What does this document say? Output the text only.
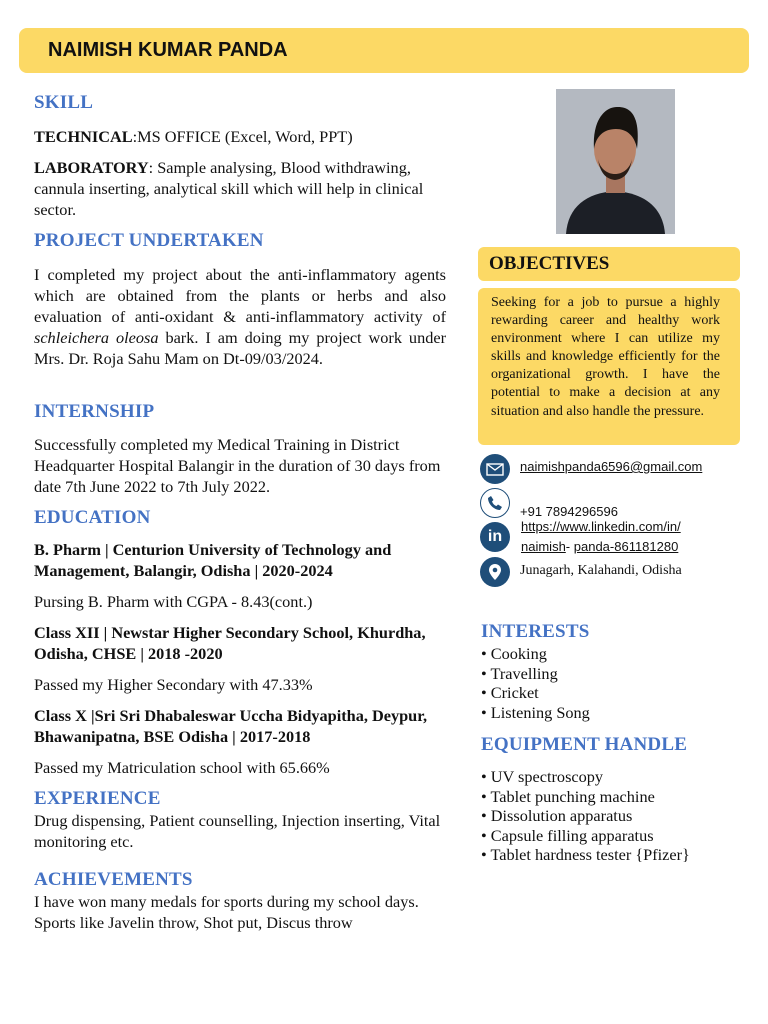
NAIMISH KUMAR PANDA
SKILL
TECHNICAL:MS OFFICE (Excel, Word, PPT)
LABORATORY: Sample analysing, Blood withdrawing, cannula inserting, analytical skill which will help in clinical sector.
PROJECT UNDERTAKEN
I completed my project about the anti-inflammatory agents which are obtained from the plants or herbs and also evaluation of anti-oxidant & anti-inflammatory activity of schleichera oleosa bark. I am doing my project work under Mrs. Dr. Roja Sahu Mam on Dt-09/03/2024.
INTERNSHIP
Successfully completed my Medical Training in District Headquarter Hospital Balangir in the duration of 30 days from date 7th June 2022 to 7th July 2022.
EDUCATION
B. Pharm | Centurion University of Technology and Management, Balangir, Odisha | 2020-2024
Pursing B. Pharm with CGPA - 8.43(cont.)
Class XII | Newstar Higher Secondary School, Khurdha, Odisha, CHSE | 2018 -2020
Passed my Higher Secondary with 47.33%
Class X |Sri Sri Dhabaleswar Uccha Bidyapitha, Deypur, Bhawanipatna, BSE Odisha | 2017-2018
Passed my Matriculation school with 65.66%
EXPERIENCE
Drug dispensing, Patient counselling, Injection inserting, Vital monitoring etc.
ACHIEVEMENTS
I have won many medals for sports during my school days. Sports like Javelin throw, Shot put, Discus throw
OBJECTIVES
Seeking for a job to pursue a highly rewarding career and healthy work environment where I can utilize my skills and knowledge efficiently for the organizational growth. I have the potential to make a decision at any situation and also handle the pressure.
naimishpanda6596@gmail.com
+91 7894296596
in
https://www.linkedin.com/in/
naimish- panda-861181280
Junagarh, Kalahandi, Odisha
INTERESTS
• Cooking
• Travelling
• Cricket
• Listening Song
EQUIPMENT HANDLE
• UV spectroscopy
• Tablet punching machine
• Dissolution apparatus
• Capsule filling apparatus
• Tablet hardness tester {Pfizer}
